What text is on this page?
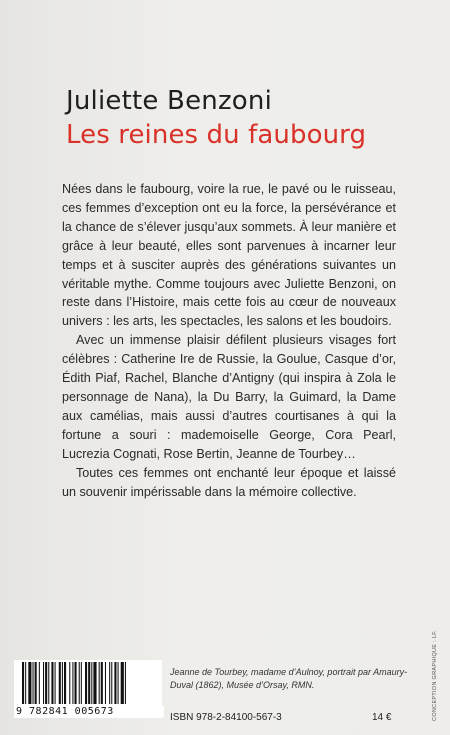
Juliette Benzoni
Les reines du faubourg

Nées dans le faubourg, voire la rue, le pavé ou le ruisseau, ces femmes d’exception ont eu la force, la persévérance et la chance de s’élever jusqu’aux sommets. À leur manière et grâce à leur beauté, elles sont parvenues à incarner leur temps et à susciter auprès des générations suivantes un véritable mythe. Comme toujours avec Juliette Benzoni, on reste dans l’Histoire, mais cette fois au cœur de nouveaux univers : les arts, les spectacles, les salons et les boudoirs.

Avec un immense plaisir défilent plusieurs visages fort célèbres : Catherine Ire de Russie, la Goulue, Casque d’or, Édith Piaf, Rachel, Blanche d’Antigny (qui inspira à Zola le personnage de Nana), la Du Barry, la Guimard, la Dame aux camélias, mais aussi d’autres courtisanes à qui la fortune a souri : mademoiselle George, Cora Pearl, Lucrezia Cognati, Rose Bertin, Jeanne de Tourbey…

Toutes ces femmes ont enchanté leur époque et laissé un souvenir impérissable dans la mémoire collective.

Jeanne de Tourbey, madame d’Aulnoy, portrait par Amaury-Duval (1862), Musée d’Orsay, RMN.
9 782841 005673
ISBN 978-2-84100-567-3	14 €	CONCEPTION GRAPHIQUE : LF.
